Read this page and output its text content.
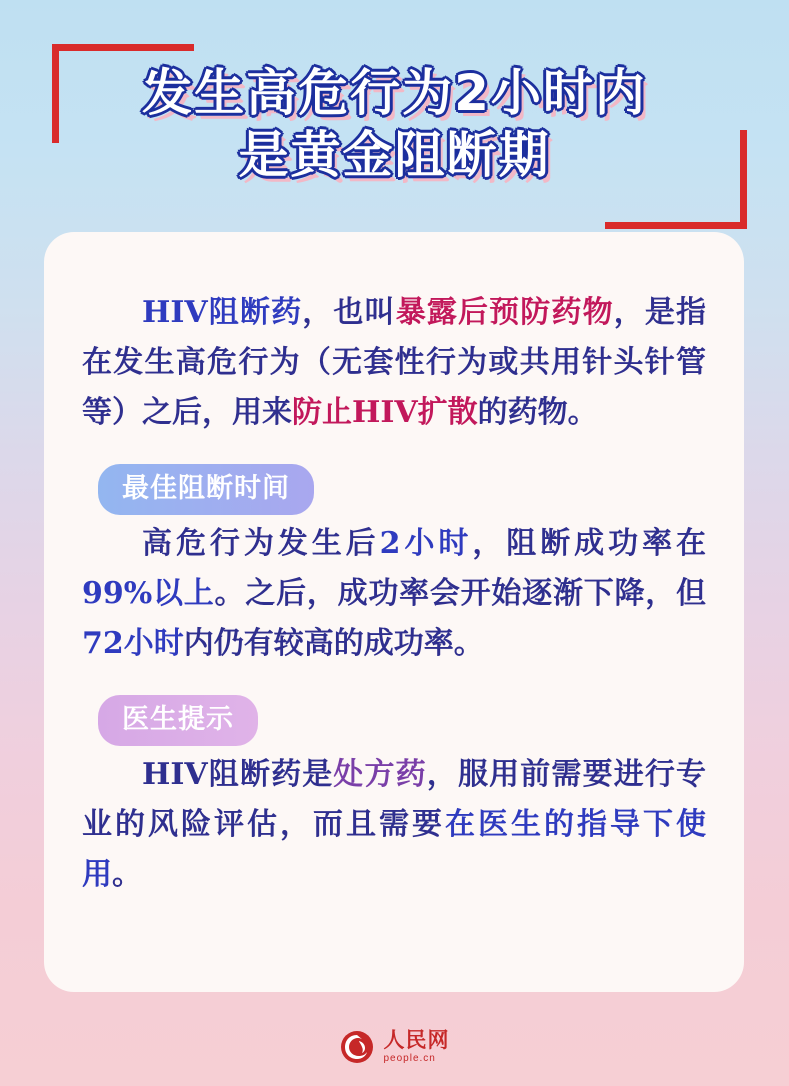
发生高危行为2小时内
是黄金阻断期

HIV阻断药，也叫暴露后预防药物，是指在发生高危行为（无套性行为或共用针头针管等）之后，用来防止HIV扩散的药物。

最佳阻断时间

高危行为发生后2小时，阻断成功率在99%以上。之后，成功率会开始逐渐下降，但72小时内仍有较高的成功率。

医生提示

HIV阻断药是处方药，服用前需要进行专业的风险评估，而且需要在医生的指导下使用。

人民网
people.cn
